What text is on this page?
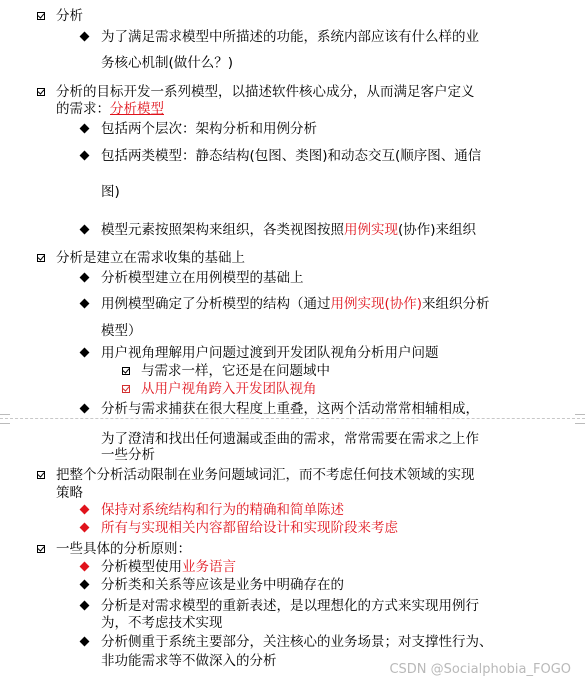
分析
为了满足需求模型中所描述的功能，系统内部应该有什么样的业
务核心机制(做什么？)
分析的目标开发一系列模型，以描述软件核心成分，从而满足客户定义
的需求：分析模型
包括两个层次：架构分析和用例分析
包括两类模型：静态结构(包图、类图)和动态交互(顺序图、通信
图)
模型元素按照架构来组织，各类视图按照用例实现(协作)来组织
分析是建立在需求收集的基础上
分析模型建立在用例模型的基础上
用例模型确定了分析模型的结构（通过用例实现(协作)来组织分析
模型）
用户视角理解用户问题过渡到开发团队视角分析用户问题
与需求一样，它还是在问题域中
从用户视角跨入开发团队视角
分析与需求捕获在很大程度上重叠，这两个活动常常相辅相成，
为了澄清和找出任何遗漏或歪曲的需求，常常需要在需求之上作
一些分析
把整个分析活动限制在业务问题域词汇，而不考虑任何技术领域的实现
策略
保持对系统结构和行为的精确和简单陈述
所有与实现相关内容都留给设计和实现阶段来考虑
一些具体的分析原则：
分析模型使用业务语言
分析类和关系等应该是业务中明确存在的
分析是对需求模型的重新表述，是以理想化的方式来实现用例行
为，不考虑技术实现
分析侧重于系统主要部分，关注核心的业务场景；对支撑性行为、
非功能需求等不做深入的分析
CSDN @Socialphobia_FOGO
